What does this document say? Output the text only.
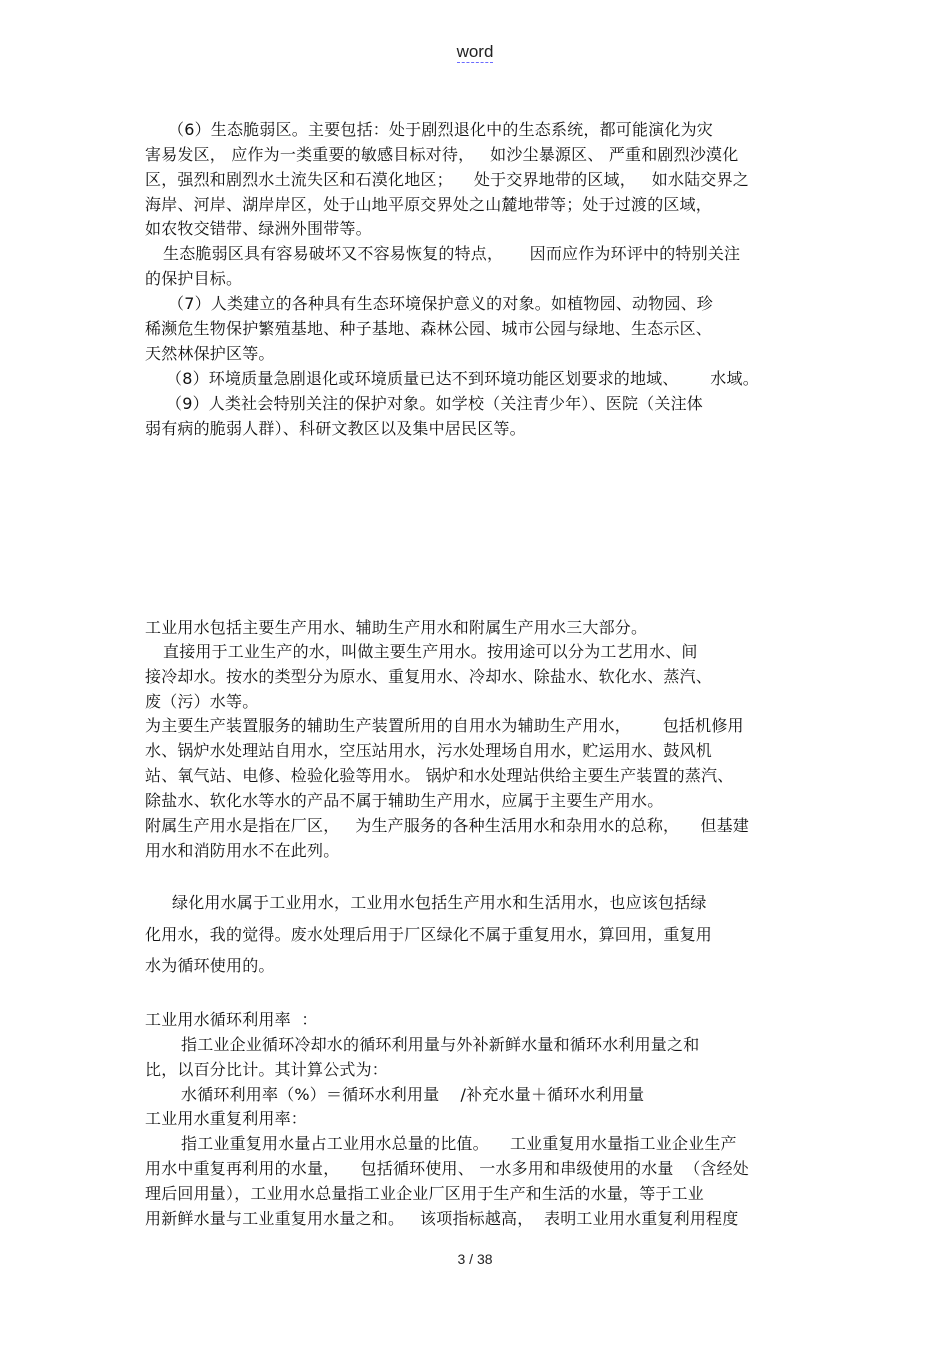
word
（6）生态脆弱区。主要包括：处于剧烈退化中的生态系统，都可能演化为灾
害易发区， 应作为一类重要的敏感目标对待，   如沙尘暴源区、 严重和剧烈沙漠化
区，强烈和剧烈水土流失区和石漠化地区；    处于交界地带的区域，   如水陆交界之
海岸、河岸、湖岸岸区，处于山地平原交界处之山麓地带等；处于过渡的区域，
如农牧交错带、绿洲外围带等。
生态脆弱区具有容易破坏又不容易恢复的特点，     因而应作为环评中的特别关注
的保护目标。
（7）人类建立的各种具有生态环境保护意义的对象。如植物园、动物园、珍
稀濒危生物保护繁殖基地、种子基地、森林公园、城市公园与绿地、生态示区、
天然林保护区等。
（8）环境质量急剧退化或环境质量已达不到环境功能区划要求的地域、      水域。
（9）人类社会特别关注的保护对象。如学校（关注青少年）、医院（关注体
弱有病的脆弱人群）、科研文教区以及集中居民区等。
工业用水包括主要生产用水、辅助生产用水和附属生产用水三大部分。
直接用于工业生产的水，叫做主要生产用水。按用途可以分为工艺用水、间
接冷却水。按水的类型分为原水、重复用水、冷却水、除盐水、软化水、蒸汽、
废（污）水等。
为主要生产装置服务的辅助生产装置所用的自用水为辅助生产用水，      包括机修用
水、锅炉水处理站自用水，空压站用水，污水处理场自用水，贮运用水、鼓风机
站、氧气站、电修、检验化验等用水。 锅炉和水处理站供给主要生产装置的蒸汽、
除盐水、软化水等水的产品不属于辅助生产用水，应属于主要生产用水。
附属生产用水是指在厂区，   为生产服务的各种生活用水和杂用水的总称，    但基建
用水和消防用水不在此列。
绿化用水属于工业用水，工业用水包括生产用水和生活用水，也应该包括绿
化用水，我的觉得。废水处理后用于厂区绿化不属于重复用水，算回用，重复用
水为循环使用的。
工业用水循环利用率  ：
指工业企业循环冷却水的循环利用量与外补新鲜水量和循环水利用量之和
比，以百分比计。其计算公式为：
水循环利用率（%）＝循环水利用量    /补充水量＋循环水利用量
工业用水重复利用率：
指工业重复用水量占工业用水总量的比值。    工业重复用水量指工业企业生产
用水中重复再利用的水量，    包括循环使用、 一水多用和串级使用的水量  （含经处
理后回用量），工业用水总量指工业企业厂区用于生产和生活的水量，等于工业
用新鲜水量与工业重复用水量之和。   该项指标越高，  表明工业用水重复利用程度
3 / 38
